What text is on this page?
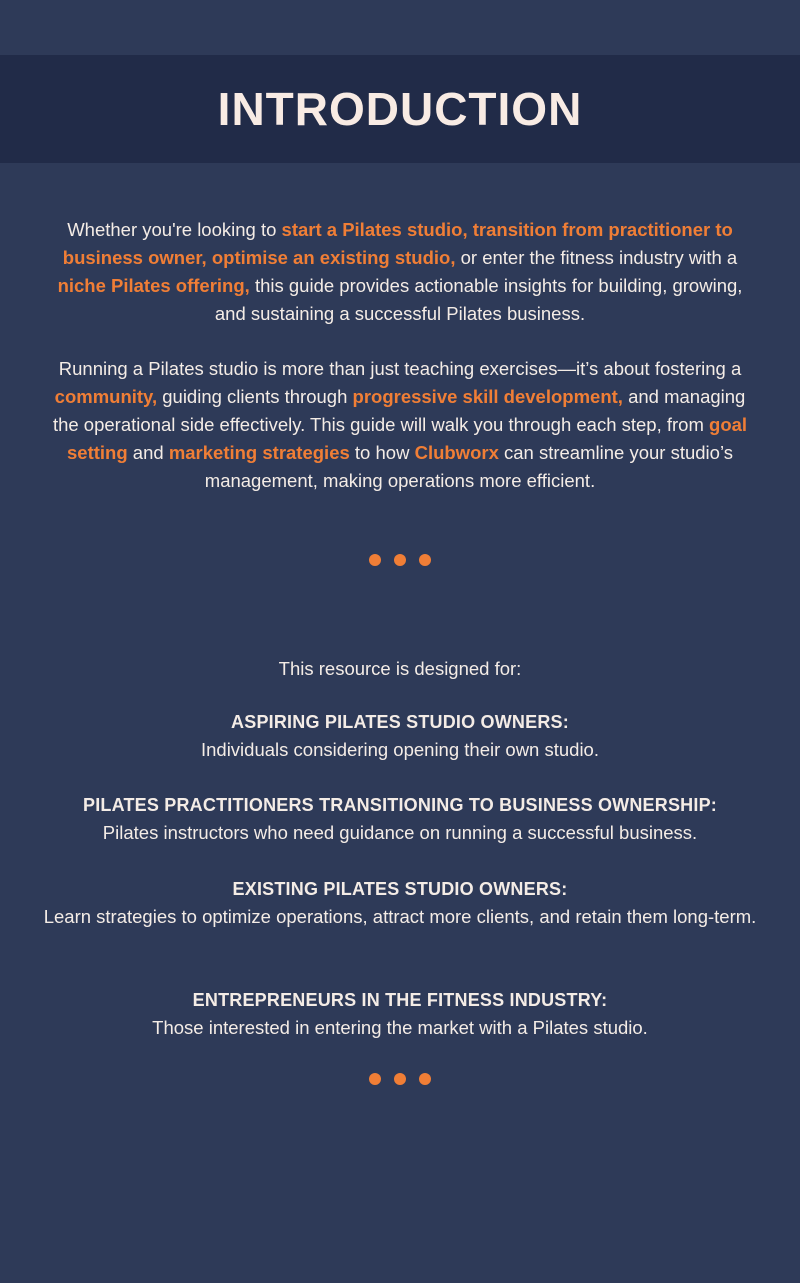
INTRODUCTION

Whether you're looking to start a Pilates studio, transition from practitioner to business owner, optimise an existing studio, or enter the fitness industry with a niche Pilates offering, this guide provides actionable insights for building, growing, and sustaining a successful Pilates business.

Running a Pilates studio is more than just teaching exercises—it’s about fostering a community, guiding clients through progressive skill development, and managing the operational side effectively. This guide will walk you through each step, from goal setting and marketing strategies to how Clubworx can streamline your studio’s management, making operations more efficient.

This resource is designed for:

ASPIRING PILATES STUDIO OWNERS:

Individuals considering opening their own studio.

PILATES PRACTITIONERS TRANSITIONING TO BUSINESS OWNERSHIP:

Pilates instructors who need guidance on running a successful business.

EXISTING PILATES STUDIO OWNERS:

Learn strategies to optimize operations, attract more clients, and retain them long-term.

ENTREPRENEURS IN THE FITNESS INDUSTRY:

Those interested in entering the market with a Pilates studio.
